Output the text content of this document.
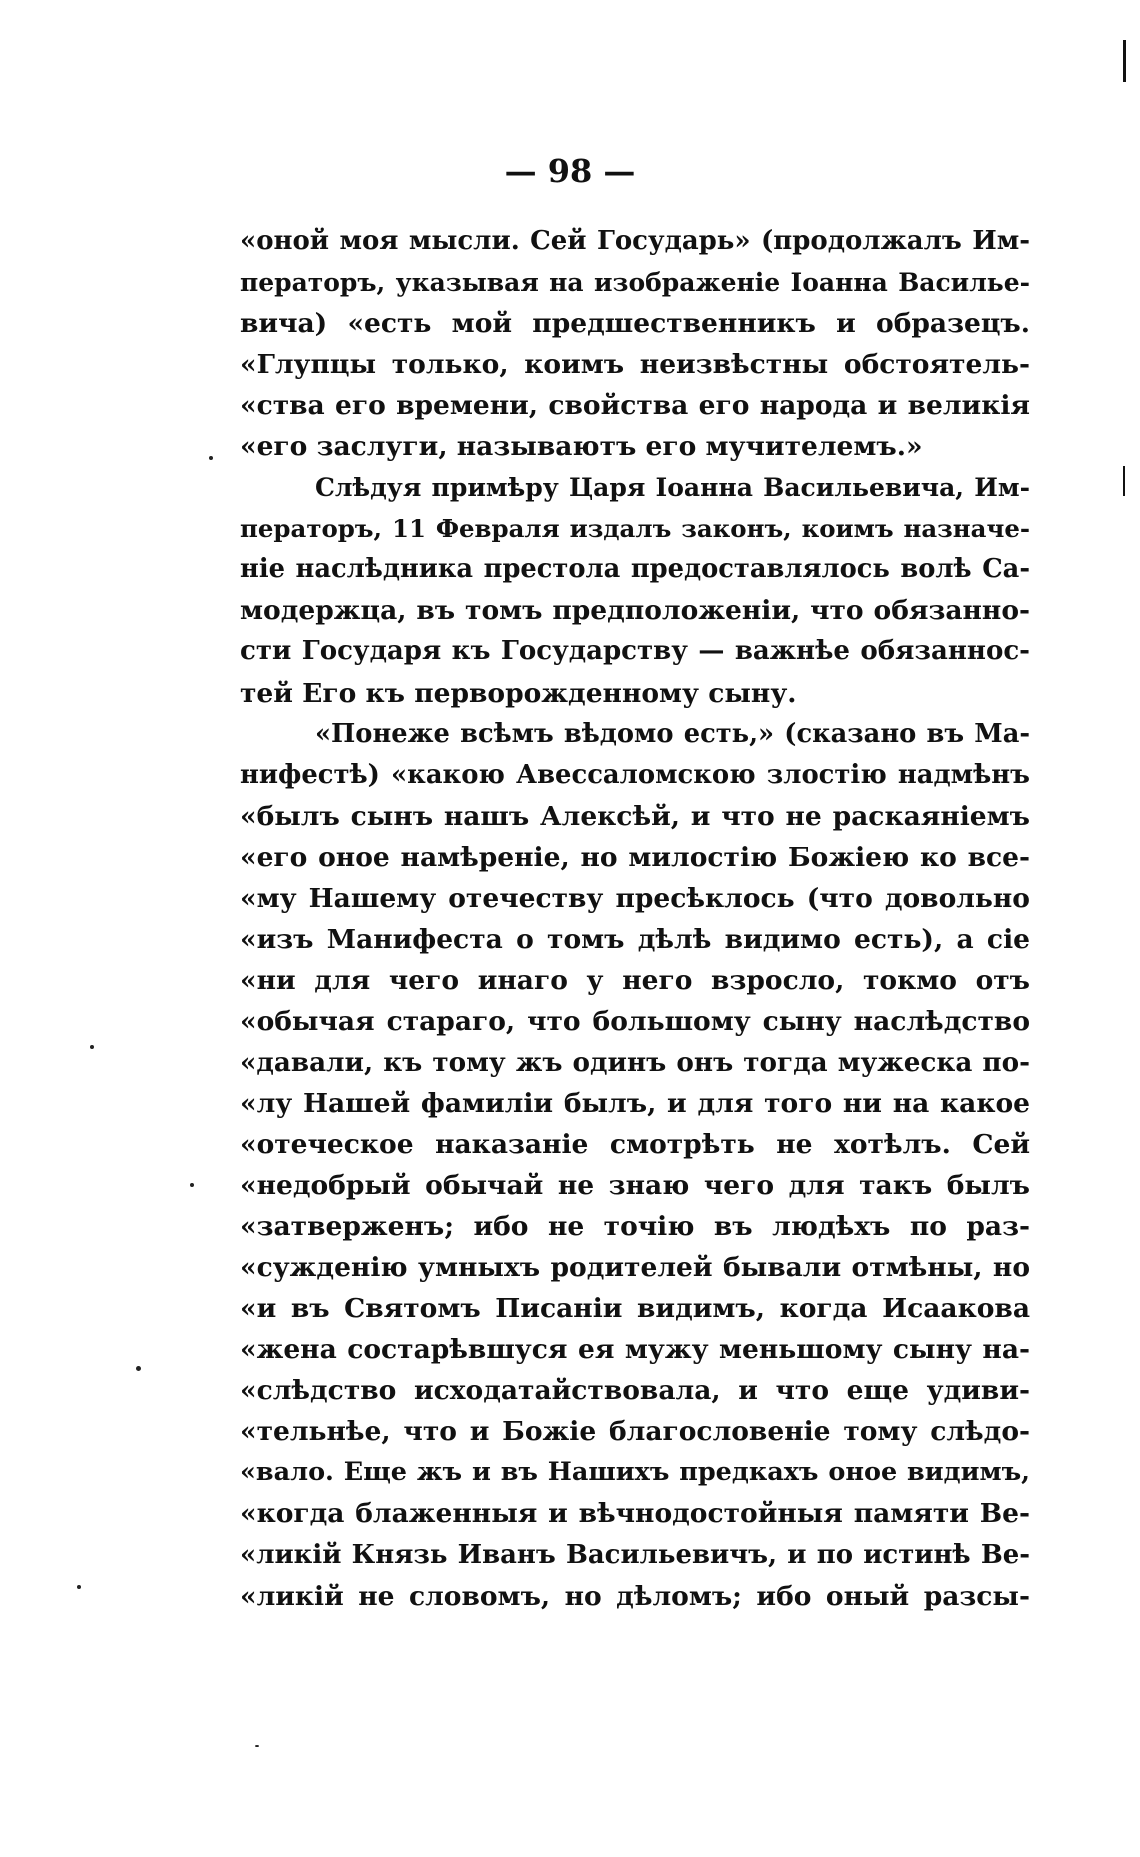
— 98 —
«оной моя мысли. Сей Государь» (продолжалъ Им-
ператоръ, указывая на изображеніе Іоанна Василье-
вича) «есть мой предшественникъ и образецъ.
«Глупцы только, коимъ неизвѣстны обстоятель-
«ства его времени, свойства его народа и великія
«его заслуги, называютъ его мучителемъ.»
Слѣдуя примѣру Царя Іоанна Васильевича, Им-
ператоръ, 11 Февраля издалъ законъ, коимъ назначе-
ніе наслѣдника престола предоставлялось волѣ Са-
модержца, въ томъ предположеніи, что обязанно-
сти Государя къ Государству — важнѣе обязаннос-
тей Его къ перворожденному сыну.
«Понеже всѣмъ вѣдомо есть,» (сказано въ Ма-
нифестѣ) «какою Авессаломскою злостію надмѣнъ
«былъ сынъ нашъ Алексѣй, и что не раскаяніемъ
«его оное намѣреніе, но милостію Божіею ко все-
«му Нашему отечеству пресѣклось (что довольно
«изъ Манифеста о томъ дѣлѣ видимо есть), а сіе
«ни для чего инаго у него взросло, токмо отъ
«обычая стараго, что большому сыну наслѣдство
«давали, къ тому жъ одинъ онъ тогда мужеска по-
«лу Нашей фамиліи былъ, и для того ни на какое
«отеческое наказаніе смотрѣть не хотѣлъ. Сей
«недобрый обычай не знаю чего для такъ былъ
«затверженъ; ибо не точію въ людѣхъ по раз-
«сужденію умныхъ родителей бывали отмѣны, но
«и въ Святомъ Писаніи видимъ, когда Исаакова
«жена состарѣвшуся ея мужу меньшому сыну на-
«слѣдство исходатайствовала, и что еще удиви-
«тельнѣе, что и Божіе благословеніе тому слѣдо-
«вало. Еще жъ и въ Нашихъ предкахъ оное видимъ,
«когда блаженныя и вѣчнодостойныя памяти Ве-
«ликій Князь Иванъ Васильевичъ, и по истинѣ Ве-
«ликій не словомъ, но дѣломъ; ибо оный разсы-
